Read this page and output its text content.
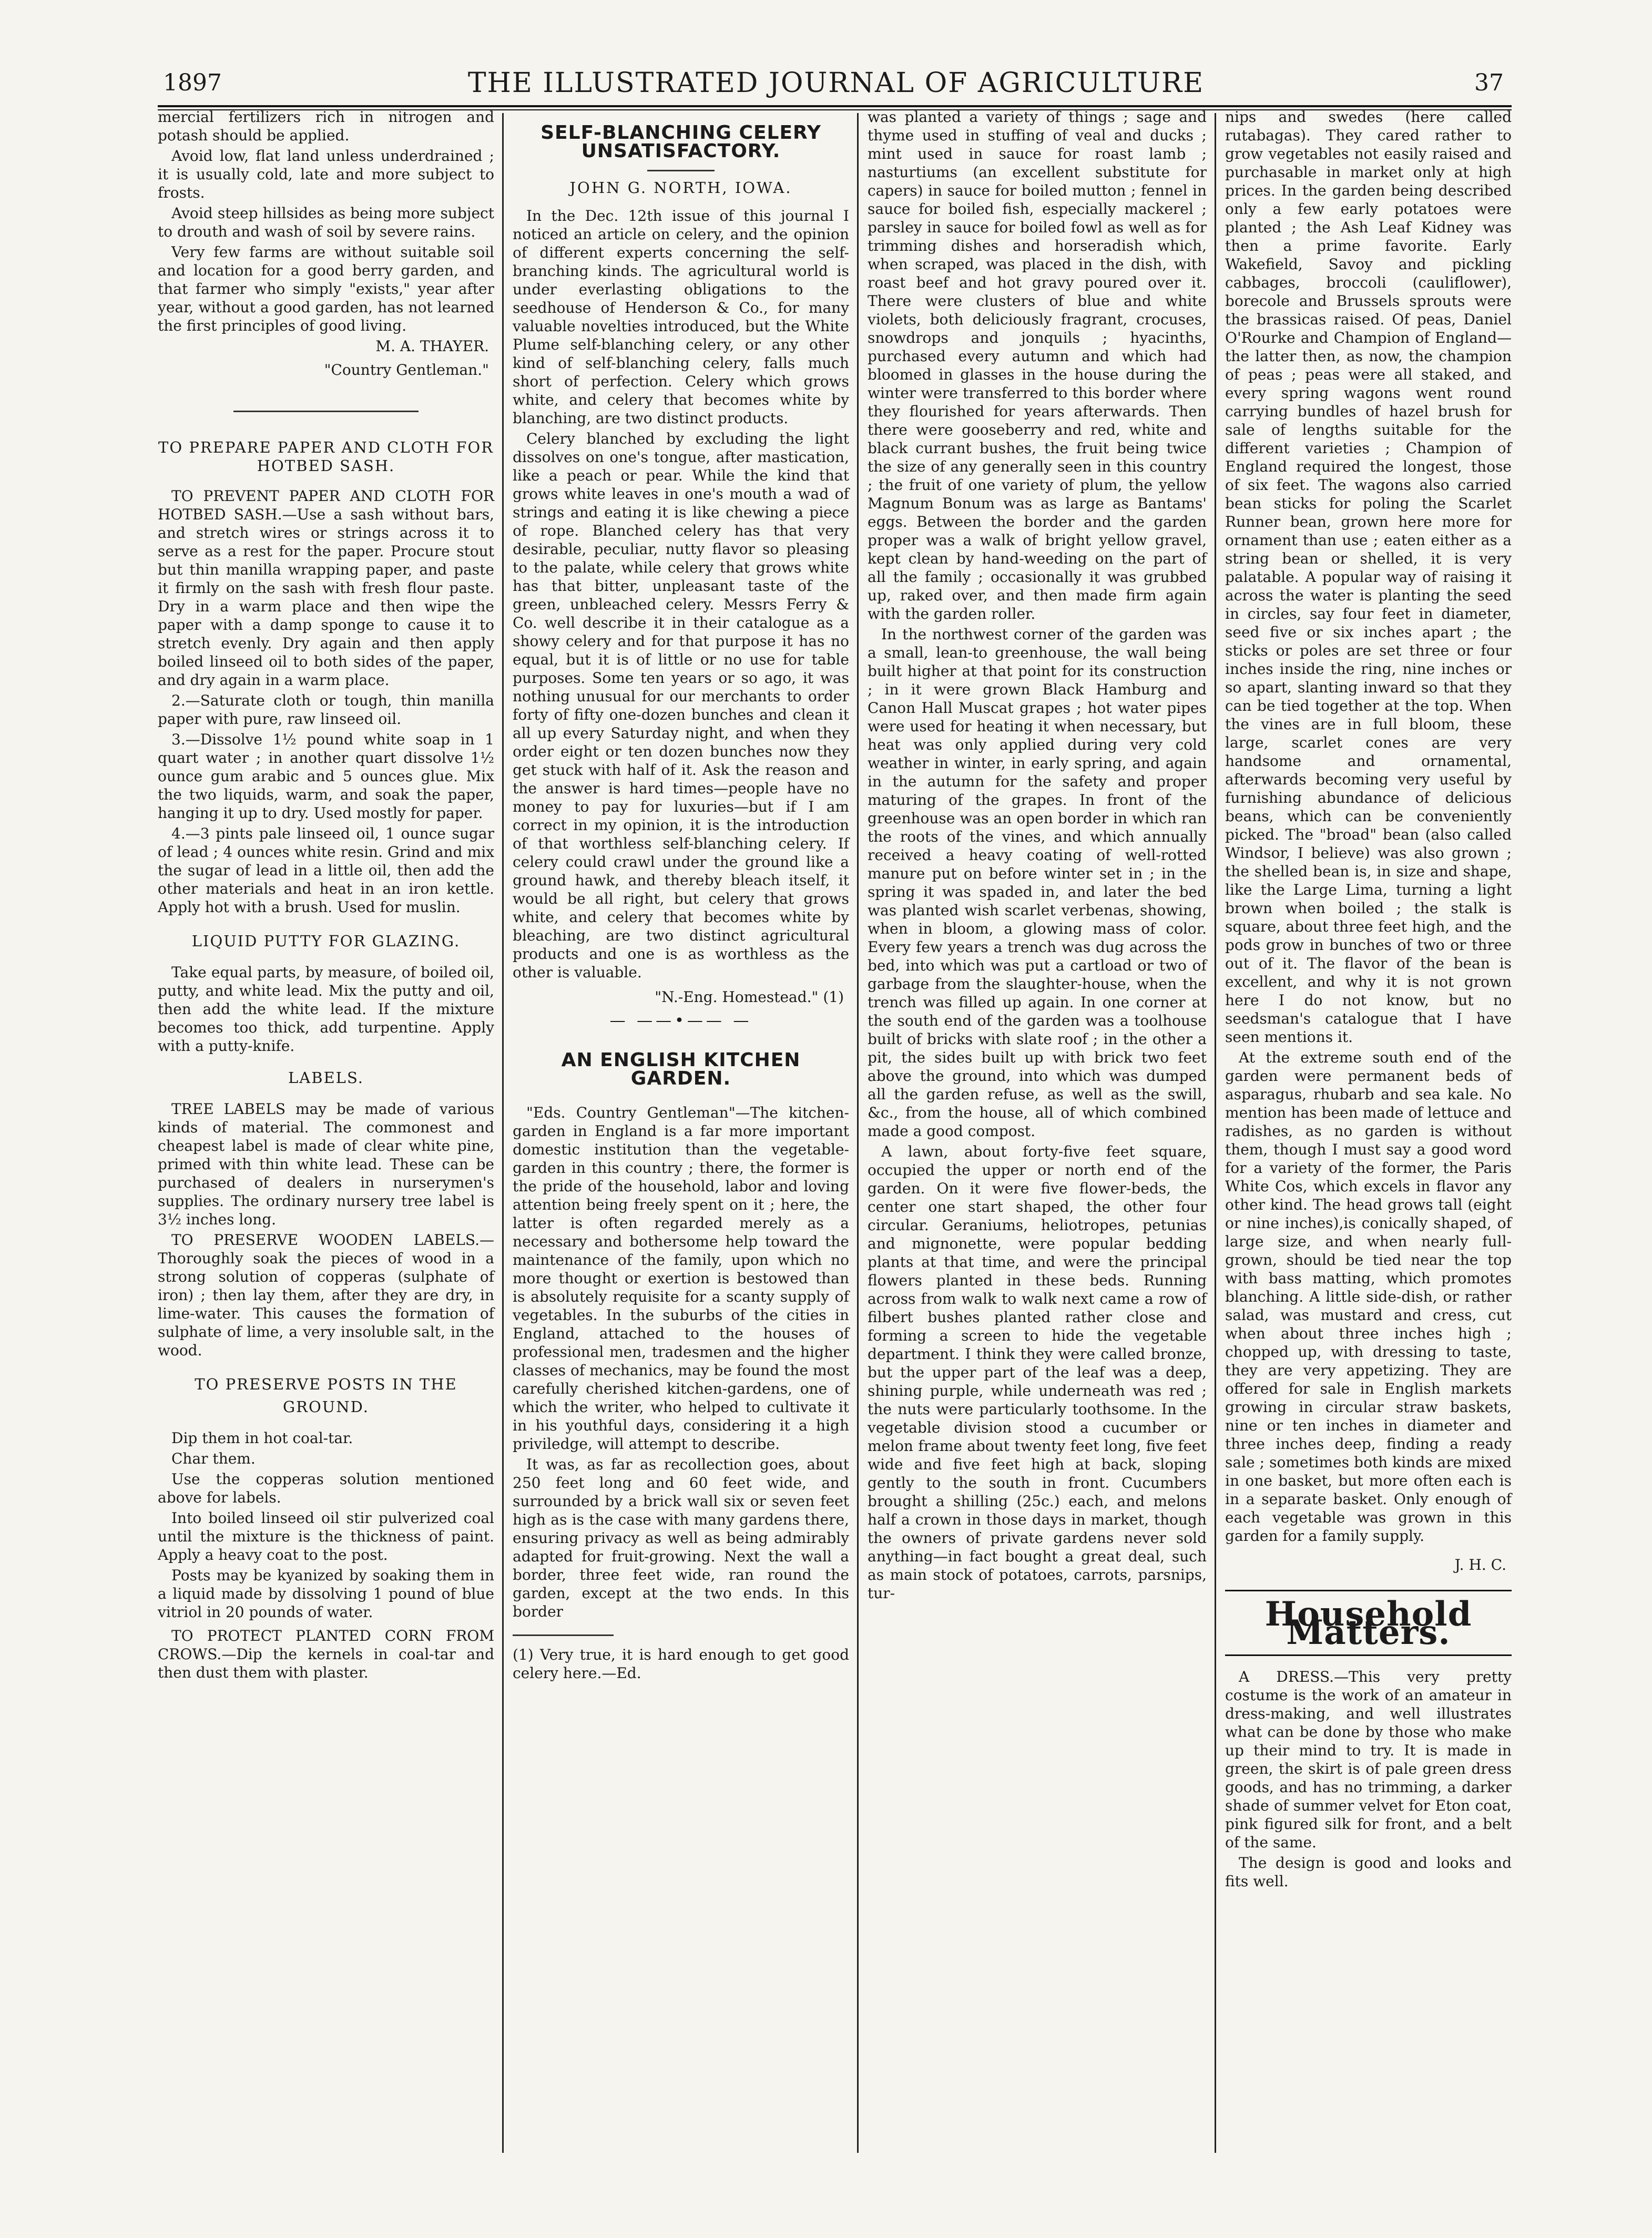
1897	THE ILLUSTRATED JOURNAL OF AGRICULTURE	37

mercial fertilizers rich in nitrogen and potash should be applied.

Avoid low, flat land unless underdrained ; it is usually cold, late and more subject to frosts.

Avoid steep hillsides as being more subject to drouth and wash of soil by severe rains.

Very few farms are without suitable soil and location for a good berry garden, and that farmer who simply "exists," year after year, without a good garden, has not learned the first principles of good living.

M. A. THAYER.
"Country Gentleman."
TO PREPARE PAPER AND CLOTH FOR HOTBED SASH.

TO PREVENT PAPER AND CLOTH FOR HOTBED SASH.—Use a sash without bars, and stretch wires or strings across it to serve as a rest for the paper. Procure stout but thin manilla wrapping paper, and paste it firmly on the sash with fresh flour paste. Dry in a warm place and then wipe the paper with a damp sponge to cause it to stretch evenly. Dry again and then apply boiled linseed oil to both sides of the paper, and dry again in a warm place.

2.—Saturate cloth or tough, thin manilla paper with pure, raw linseed oil.

3.—Dissolve 1½ pound white soap in 1 quart water ; in another quart dissolve 1½ ounce gum arabic and 5 ounces glue. Mix the two liquids, warm, and soak the paper, hanging it up to dry. Used mostly for paper.

4.—3 pints pale linseed oil, 1 ounce sugar of lead ; 4 ounces white resin. Grind and mix the sugar of lead in a little oil, then add the other materials and heat in an iron kettle. Apply hot with a brush. Used for muslin.

LIQUID PUTTY FOR GLAZING.

Take equal parts, by measure, of boiled oil, putty, and white lead. Mix the putty and oil, then add the white lead. If the mixture becomes too thick, add turpentine. Apply with a putty-knife.

LABELS.

TREE LABELS may be made of various kinds of material. The commonest and cheapest label is made of clear white pine, primed with thin white lead. These can be purchased of dealers in nurserymen's supplies. The ordinary nursery tree label is 3½ inches long.

TO PRESERVE WOODEN LABELS.—Thoroughly soak the pieces of wood in a strong solution of copperas (sulphate of iron) ; then lay them, after they are dry, in lime-water. This causes the formation of sulphate of lime, a very insoluble salt, in the wood.

TO PRESERVE POSTS IN THE
GROUND.

Dip them in hot coal-tar.

Char them.

Use the copperas solution mentioned above for labels.

Into boiled linseed oil stir pulverized coal until the mixture is the thickness of paint. Apply a heavy coat to the post.

Posts may be kyanized by soaking them in a liquid made by dissolving 1 pound of blue vitriol in 20 pounds of water.

TO PROTECT PLANTED CORN FROM CROWS.—Dip the kernels in coal-tar and then dust them with plaster.

SELF-BLANCHING CELERY UNSATISFACTORY.
JOHN G. NORTH, IOWA.

In the Dec. 12th issue of this journal I noticed an article on celery, and the opinion of different experts concerning the self-branching kinds. The agricultural world is under everlasting obligations to the seedhouse of Henderson & Co., for many valuable novelties introduced, but the White Plume self-blanching celery, or any other kind of self-blanching celery, falls much short of perfection. Celery which grows white, and celery that becomes white by blanching, are two distinct products.

Celery blanched by excluding the light dissolves on one's tongue, after mastication, like a peach or pear. While the kind that grows white leaves in one's mouth a wad of strings and eating it is like chewing a piece of rope. Blanched celery has that very desirable, peculiar, nutty flavor so pleasing to the palate, while celery that grows white has that bitter, unpleasant taste of the green, unbleached celery. Messrs Ferry & Co. well describe it in their catalogue as a showy celery and for that purpose it has no equal, but it is of little or no use for table purposes. Some ten years or so ago, it was nothing unusual for our merchants to order forty of fifty one-dozen bunches and clean it all up every Saturday night, and when they order eight or ten dozen bunches now they get stuck with half of it. Ask the reason and the answer is hard times—people have no money to pay for luxuries—but if I am correct in my opinion, it is the introduction of that worthless self-blanching celery. If celery could crawl under the ground like a ground hawk, and thereby bleach itself, it would be all right, but celery that grows white, and celery that becomes white by bleaching, are two distinct agricultural products and one is as worthless as the other is valuable.

"N.-Eng. Homestead." (1)
— ——•—— —
AN ENGLISH KITCHEN GARDEN.

"Eds. Country Gentleman"—The kitchen-garden in England is a far more important domestic institution than the vegetable-garden in this country ; there, the former is the pride of the household, labor and loving attention being freely spent on it ; here, the latter is often regarded merely as a necessary and bothersome help toward the maintenance of the family, upon which no more thought or exertion is bestowed than is absolutely requisite for a scanty supply of vegetables. In the suburbs of the cities in England, attached to the houses of professional men, tradesmen and the higher classes of mechanics, may be found the most carefully cherished kitchen-gardens, one of which the writer, who helped to cultivate it in his youthful days, considering it a high priviledge, will attempt to describe.

It was, as far as recollection goes, about 250 feet long and 60 feet wide, and surrounded by a brick wall six or seven feet high as is the case with many gardens there, ensuring privacy as well as being admirably adapted for fruit-growing. Next the wall a border, three feet wide, ran round the garden, except at the two ends. In this border

(1) Very true, it is hard enough to get good celery here.—Ed.

was planted a variety of things ; sage and thyme used in stuffing of veal and ducks ; mint used in sauce for roast lamb ; nasturtiums (an excellent substitute for capers) in sauce for boiled mutton ; fennel in sauce for boiled fish, especially mackerel ; parsley in sauce for boiled fowl as well as for trimming dishes and horseradish which, when scraped, was placed in the dish, with roast beef and hot gravy poured over it. There were clusters of blue and white violets, both deliciously fragrant, crocuses, snowdrops and jonquils ; hyacinths, purchased every autumn and which had bloomed in glasses in the house during the winter were transferred to this border where they flourished for years afterwards. Then there were gooseberry and red, white and black currant bushes, the fruit being twice the size of any generally seen in this country ; the fruit of one variety of plum, the yellow Magnum Bonum was as large as Bantams' eggs. Between the border and the garden proper was a walk of bright yellow gravel, kept clean by hand-weeding on the part of all the family ; occasionally it was grubbed up, raked over, and then made firm again with the garden roller.

In the northwest corner of the garden was a small, lean-to greenhouse, the wall being built higher at that point for its construction ; in it were grown Black Hamburg and Canon Hall Muscat grapes ; hot water pipes were used for heating it when necessary, but heat was only applied during very cold weather in winter, in early spring, and again in the autumn for the safety and proper maturing of the grapes. In front of the greenhouse was an open border in which ran the roots of the vines, and which annually received a heavy coating of well-rotted manure put on before winter set in ; in the spring it was spaded in, and later the bed was planted wish scarlet verbenas, showing, when in bloom, a glowing mass of color. Every few years a trench was dug across the bed, into which was put a cartload or two of garbage from the slaughter-house, when the trench was filled up again. In one corner at the south end of the garden was a toolhouse built of bricks with slate roof ; in the other a pit, the sides built up with brick two feet above the ground, into which was dumped all the garden refuse, as well as the swill, &c., from the house, all of which combined made a good compost.

A lawn, about forty-five feet square, occupied the upper or north end of the garden. On it were five flower-beds, the center one start shaped, the other four circular. Geraniums, heliotropes, petunias and mignonette, were popular bedding plants at that time, and were the principal flowers planted in these beds. Running across from walk to walk next came a row of filbert bushes planted rather close and forming a screen to hide the vegetable department. I think they were called bronze, but the upper part of the leaf was a deep, shining purple, while underneath was red ; the nuts were particularly toothsome. In the vegetable division stood a cucumber or melon frame about twenty feet long, five feet wide and five feet high at back, sloping gently to the south in front. Cucumbers brought a shilling (25c.) each, and melons half a crown in those days in market, though the owners of private gardens never sold anything—in fact bought a great deal, such as main stock of potatoes, carrots, parsnips, tur-

nips and swedes (here called rutabagas). They cared rather to grow vegetables not easily raised and purchasable in market only at high prices. In the garden being described only a few early potatoes were planted ; the Ash Leaf Kidney was then a prime favorite. Early Wakefield, Savoy and pickling cabbages, broccoli (cauliflower), borecole and Brussels sprouts were the brassicas raised. Of peas, Daniel O'Rourke and Champion of England—the latter then, as now, the champion of peas ; peas were all staked, and every spring wagons went round carrying bundles of hazel brush for sale of lengths suitable for the different varieties ; Champion of England required the longest, those of six feet. The wagons also carried bean sticks for poling the Scarlet Runner bean, grown here more for ornament than use ; eaten either as a string bean or shelled, it is very palatable. A popular way of raising it across the water is planting the seed in circles, say four feet in diameter, seed five or six inches apart ; the sticks or poles are set three or four inches inside the ring, nine inches or so apart, slanting inward so that they can be tied together at the top. When the vines are in full bloom, these large, scarlet cones are very handsome and ornamental, afterwards becoming very useful by furnishing abundance of delicious beans, which can be conveniently picked. The "broad" bean (also called Windsor, I believe) was also grown ; the shelled bean is, in size and shape, like the Large Lima, turning a light brown when boiled ; the stalk is square, about three feet high, and the pods grow in bunches of two or three out of it. The flavor of the bean is excellent, and why it is not grown here I do not know, but no seedsman's catalogue that I have seen mentions it.

At the extreme south end of the garden were permanent beds of asparagus, rhubarb and sea kale. No mention has been made of lettuce and radishes, as no garden is without them, though I must say a good word for a variety of the former, the Paris White Cos, which excels in flavor any other kind. The head grows tall (eight or nine inches),is conically shaped, of large size, and when nearly full-grown, should be tied near the top with bass matting, which promotes blanching. A little side-dish, or rather salad, was mustard and cress, cut when about three inches high ; chopped up, with dressing to taste, they are very appetizing. They are offered for sale in English markets growing in circular straw baskets, nine or ten inches in diameter and three inches deep, finding a ready sale ; sometimes both kinds are mixed in one basket, but more often each is in a separate basket. Only enough of each vegetable was grown in this garden for a family supply.

J. H. C.
Household Matters.

A DRESS.—This very pretty costume is the work of an amateur in dress-making, and well illustrates what can be done by those who make up their mind to try. It is made in green, the skirt is of pale green dress goods, and has no trimming, a darker shade of summer velvet for Eton coat, pink figured silk for front, and a belt of the same.

The design is good and looks and fits well.
